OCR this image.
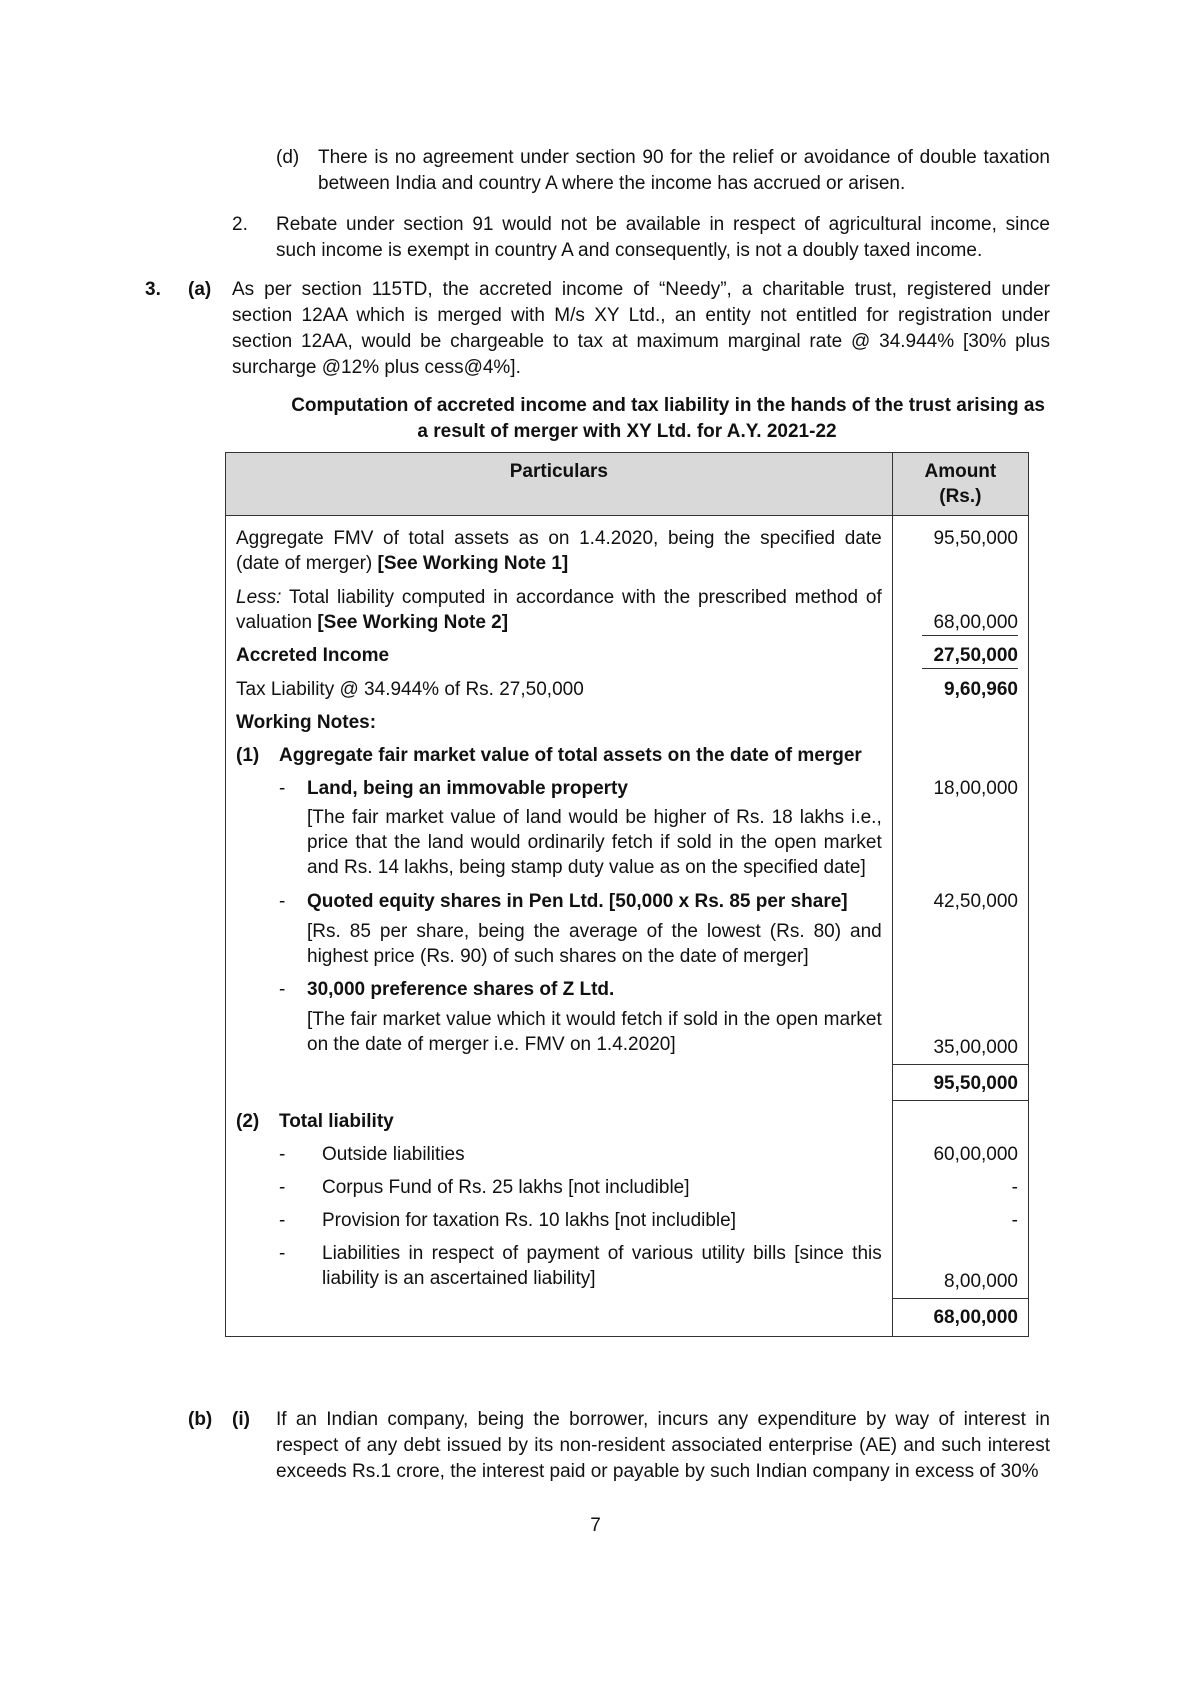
(d) There is no agreement under section 90 for the relief or avoidance of double taxation between India and country A where the income has accrued or arisen.
2. Rebate under section 91 would not be available in respect of agricultural income, since such income is exempt in country A and consequently, is not a doubly taxed income.
3. (a) As per section 115TD, the accreted income of “Needy”, a charitable trust, registered under section 12AA which is merged with M/s XY Ltd., an entity not entitled for registration under section 12AA, would be chargeable to tax at maximum marginal rate @ 34.944% [30% plus surcharge @12% plus cess@4%].
Computation of accreted income and tax liability in the hands of the trust arising as
a result of merger with XY Ltd. for A.Y. 2021-22
Particulars	Amount
(Rs.)
Aggregate FMV of total assets as on 1.4.2020, being the specified date (date of merger) [See Working Note 1]	95,50,000
Less: Total liability computed in accordance with the prescribed method of valuation [See Working Note 2]	68,00,000
Accreted Income	27,50,000
Tax Liability @ 34.944% of Rs. 27,50,000	9,60,960
Working Notes:	

(1) Aggregate fair market value of total assets on the date of merger	

- Land, being an immovable property
[The fair market value of land would be higher of Rs. 18 lakhs i.e., price that the land would ordinarily fetch if sold in the open market and Rs. 14 lakhs, being stamp duty value as on the specified date]	18,00,000

- Quoted equity shares in Pen Ltd. [50,000 x Rs. 85 per share]
[Rs. 85 per share, being the average of the lowest (Rs. 80) and highest price (Rs. 90) of such shares on the date of merger]	42,50,000

- 30,000 preference shares of Z Ltd.
[The fair market value which it would fetch if sold in the open market on the date of merger i.e. FMV on 1.4.2020]	35,00,000
	95,50,000

(2) Total liability	

- Outside liabilities	60,00,000

- Corpus Fund of Rs. 25 lakhs [not includible]	-

- Provision for taxation Rs. 10 lakhs [not includible]	-

- Liabilities in respect of payment of various utility bills [since this liability is an ascertained liability]	8,00,000
	68,00,000
(b) (i) If an Indian company, being the borrower, incurs any expenditure by way of interest in respect of any debt issued by its non-resident associated enterprise (AE) and such interest exceeds Rs.1 crore, the interest paid or payable by such Indian company in excess of 30%
7
